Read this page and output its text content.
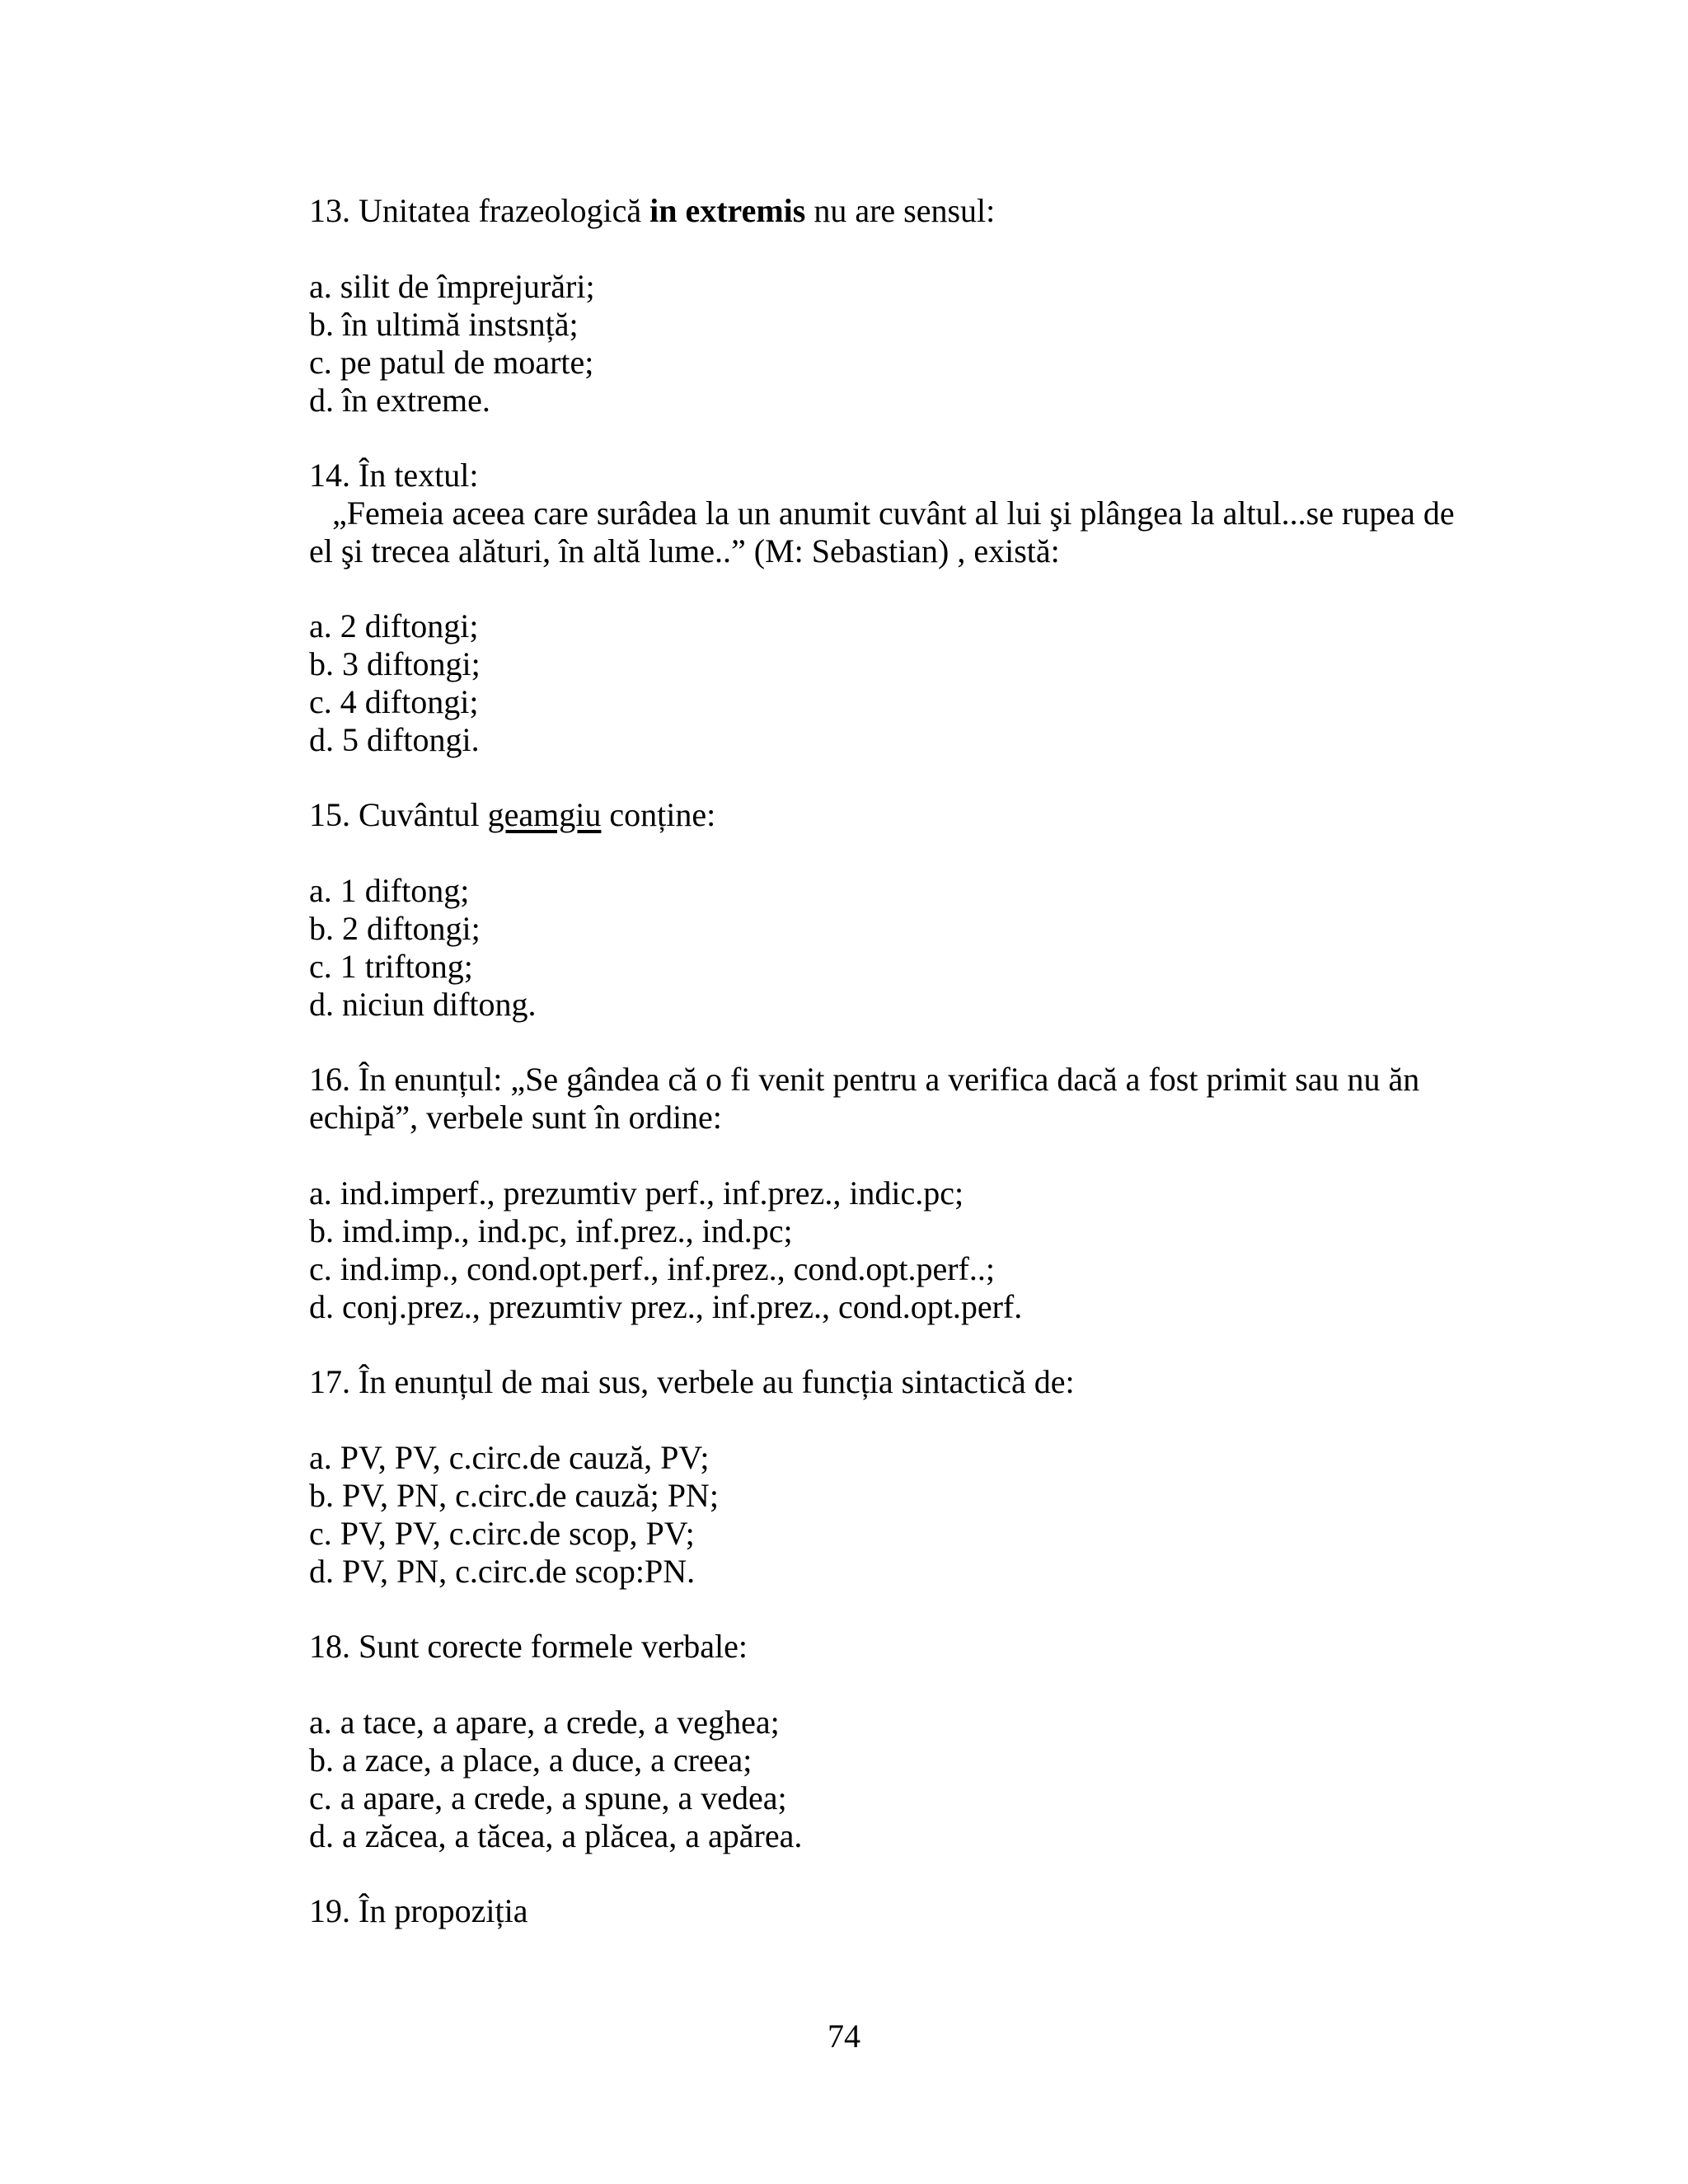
13. Unitatea frazeologică in extremis nu are sensul:
a. silit de împrejurări;
b. în ultimă instsnță;
c. pe patul de moarte;
d. în extreme.
14. În textul:
„Femeia aceea care surâdea la un anumit cuvânt al lui şi plângea la altul...se rupea de
el şi trecea alături, în altă lume..” (M: Sebastian) , există:
a. 2 diftongi;
b. 3 diftongi;
c. 4 diftongi;
d. 5 diftongi.
15. Cuvântul geamgiu conține:
a. 1 diftong;
b. 2 diftongi;
c. 1 triftong;
d. niciun diftong.
16. În enunțul: „Se gândea că o fi venit pentru a verifica dacă a fost primit sau nu ăn
echipă”, verbele sunt în ordine:
a. ind.imperf., prezumtiv perf., inf.prez., indic.pc;
b. imd.imp., ind.pc, inf.prez., ind.pc;
c. ind.imp., cond.opt.perf., inf.prez., cond.opt.perf..;
d. conj.prez., prezumtiv prez., inf.prez., cond.opt.perf.
17. În enunțul de mai sus, verbele au funcția sintactică de:
a. PV, PV, c.circ.de cauză, PV;
b. PV, PN, c.circ.de cauză; PN;
c. PV, PV, c.circ.de scop, PV;
d. PV, PN, c.circ.de scop:PN.
18. Sunt corecte formele verbale:
a. a tace, a apare, a crede, a veghea;
b. a zace, a place, a duce, a creea;
c. a apare, a crede, a spune, a vedea;
d. a zăcea, a tăcea, a plăcea, a apărea.
19. În propoziția
74
